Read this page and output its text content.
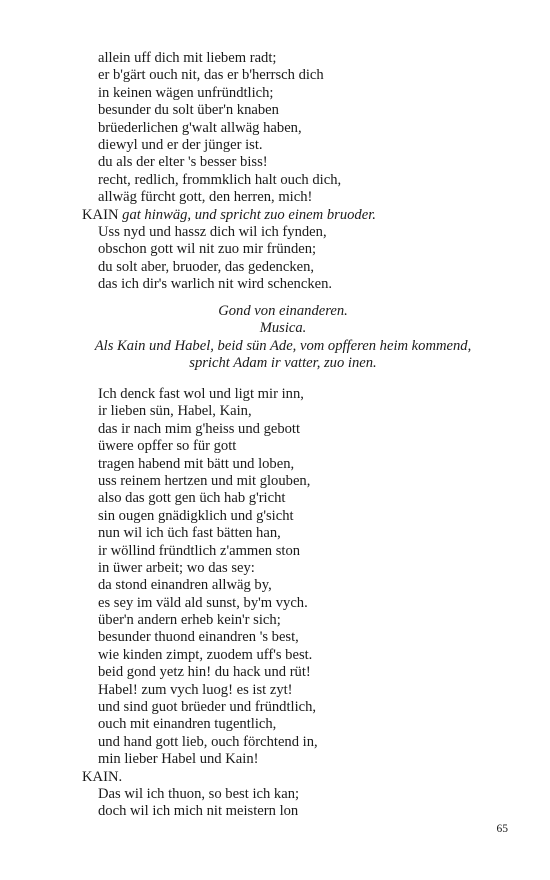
allein uff dich mit liebem radt;
er b'gärt ouch nit, das er b'herrsch dich
in keinen wägen unfründtlich;
besunder du solt über'n knaben
brüederlichen g'walt allwäg haben,
diewyl und er der jünger ist.
du als der elter 's besser biss!
recht, redlich, frommklich halt ouch dich,
allwäg fürcht gott, den herren, mich!
KAIN gat hinwäg, und spricht zuo einem bruoder.
Uss nyd und hassz dich wil ich fynden,
obschon gott wil nit zuo mir fründen;
du solt aber, bruoder, das gedencken,
das ich dir's warlich nit wird schencken.
Gond von einanderen.
Musica.
Als Kain und Habel, beid sün Ade, vom opfferen heim kommend,
spricht Adam ir vatter, zuo inen.
Ich denck fast wol und ligt mir inn,
ir lieben sün, Habel, Kain,
das ir nach mim g'heiss und gebott
üwere opffer so für gott
tragen habend mit bätt und loben,
uss reinem hertzen und mit glouben,
also das gott gen üch hab g'richt
sin ougen gnädigklich und g'sicht
nun wil ich üch fast bätten han,
ir wöllind fründtlich z'ammen ston
in üwer arbeit; wo das sey:
da stond einandren allwäg by,
es sey im väld ald sunst, by'm vych.
über'n andern erheb kein'r sich;
besunder thuond einandren 's best,
wie kinden zimpt, zuodem uff's best.
beid gond yetz hin! du hack und rüt!
Habel! zum vych luog! es ist zyt!
und sind guot brüeder und fründtlich,
ouch mit einandren tugentlich,
und hand gott lieb, ouch förchtend in,
min lieber Habel und Kain!
KAIN.
Das wil ich thuon, so best ich kan;
doch wil ich mich nit meistern lon
65
